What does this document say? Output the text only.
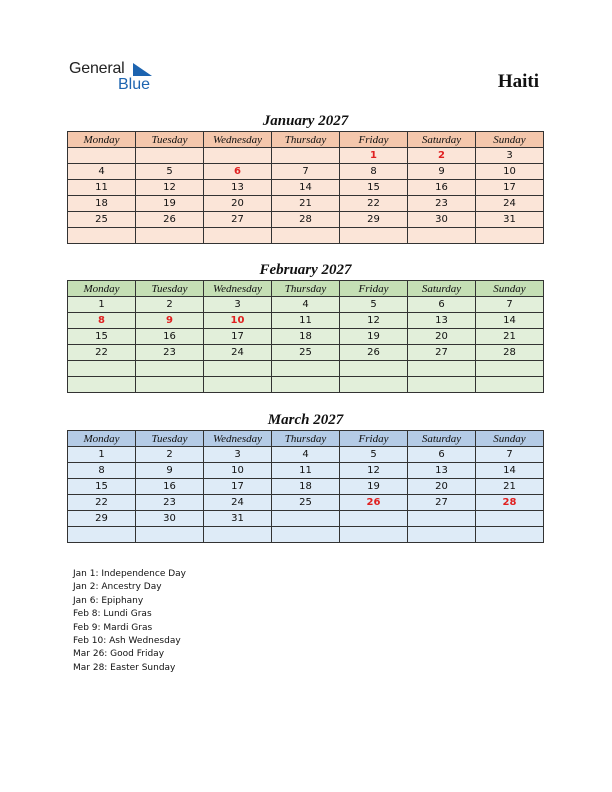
General
Blue	Haiti
January 2027
Monday	Tuesday	Wednesday	Thursday	Friday	Saturday	Sunday
				1	2	3
4	5	6	7	8	9	10
11	12	13	14	15	16	17
18	19	20	21	22	23	24
25	26	27	28	29	30	31

February 2027
Monday	Tuesday	Wednesday	Thursday	Friday	Saturday	Sunday
1	2	3	4	5	6	7
8	9	10	11	12	13	14
15	16	17	18	19	20	21
22	23	24	25	26	27	28

March 2027
Monday	Tuesday	Wednesday	Thursday	Friday	Saturday	Sunday
1	2	3	4	5	6	7
8	9	10	11	12	13	14
15	16	17	18	19	20	21
22	23	24	25	26	27	28
29	30	31				

Jan 1: Independence Day
Jan 2: Ancestry Day
Jan 6: Epiphany
Feb 8: Lundi Gras
Feb 9: Mardi Gras
Feb 10: Ash Wednesday
Mar 26: Good Friday
Mar 28: Easter Sunday
